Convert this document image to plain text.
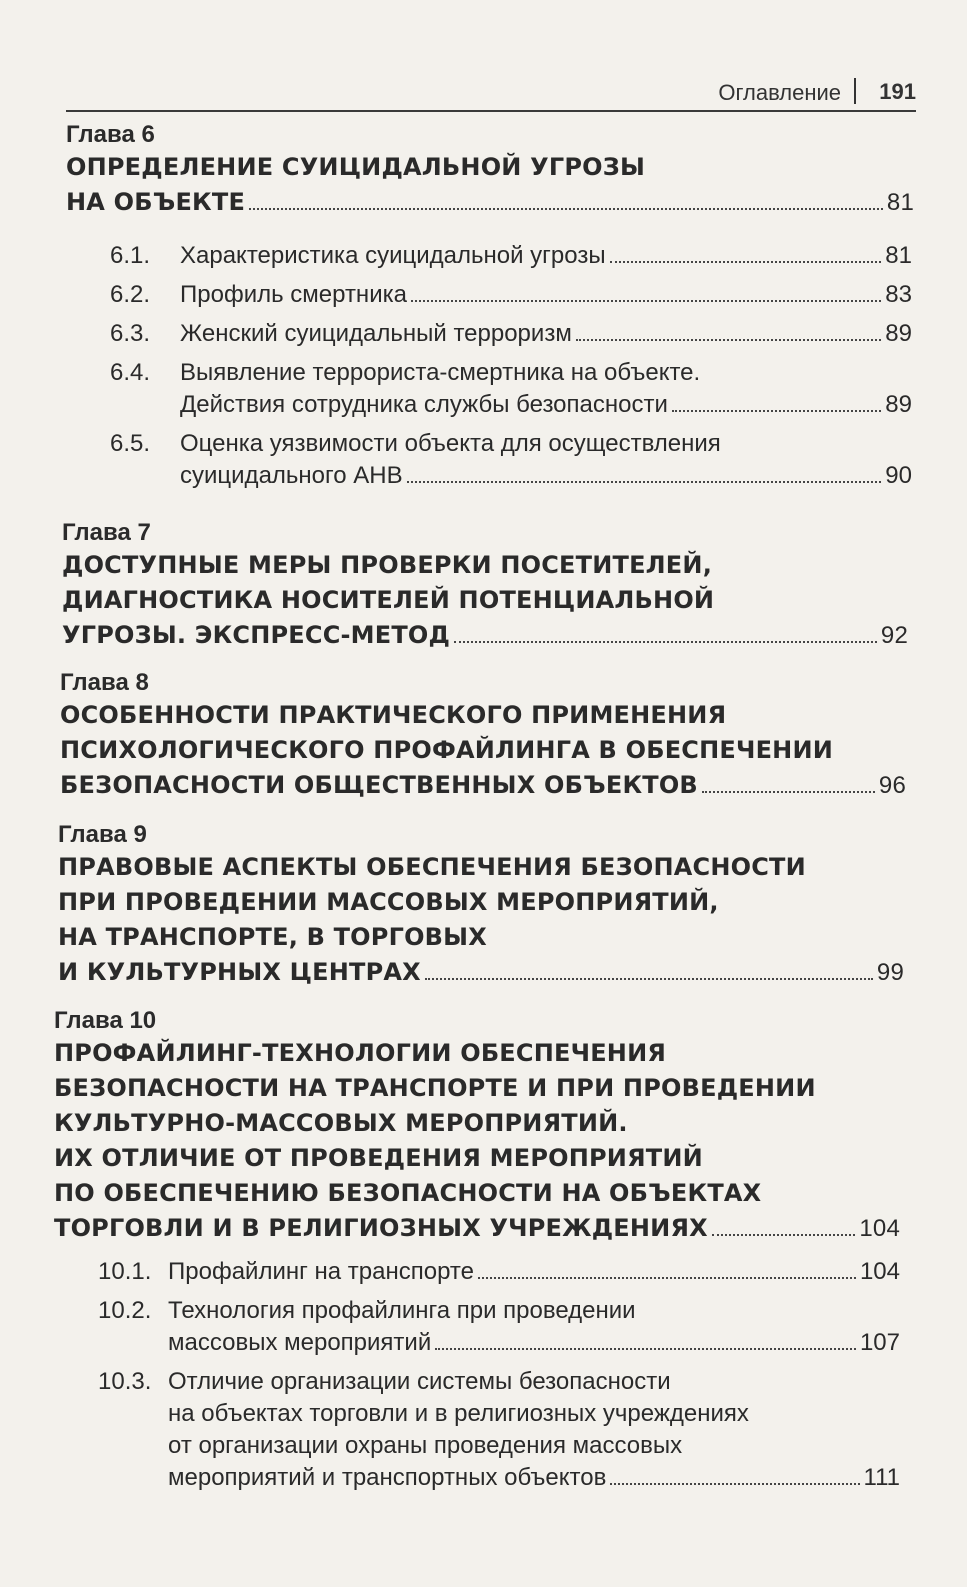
Оглавление 191
Глава 6
ОПРЕДЕЛЕНИЕ СУИЦИДАЛЬНОЙ УГРОЗЫ
НА ОБЪЕКТЕ	81
6.1.	Характеристика суицидальной угрозы	81
6.2.	Профиль смертника	83
6.3.	Женский суицидальный терроризм	89
6.4.	Выявление террориста-смертника на объекте.
Действия сотрудника службы безопасности	89
6.5.	Оценка уязвимости объекта для осуществления
суицидального АНВ	90
Глава 7
ДОСТУПНЫЕ МЕРЫ ПРОВЕРКИ ПОСЕТИТЕЛЕЙ,
ДИАГНОСТИКА НОСИТЕЛЕЙ ПОТЕНЦИАЛЬНОЙ
УГРОЗЫ. ЭКСПРЕСС-МЕТОД	92
Глава 8
ОСОБЕННОСТИ ПРАКТИЧЕСКОГО ПРИМЕНЕНИЯ
ПСИХОЛОГИЧЕСКОГО ПРОФАЙЛИНГА В ОБЕСПЕЧЕНИИ
БЕЗОПАСНОСТИ ОБЩЕСТВЕННЫХ ОБЪЕКТОВ	96
Глава 9
ПРАВОВЫЕ АСПЕКТЫ ОБЕСПЕЧЕНИЯ БЕЗОПАСНОСТИ
ПРИ ПРОВЕДЕНИИ МАССОВЫХ МЕРОПРИЯТИЙ,
НА ТРАНСПОРТЕ, В ТОРГОВЫХ
И КУЛЬТУРНЫХ ЦЕНТРАХ	99
Глава 10
ПРОФАЙЛИНГ-ТЕХНОЛОГИИ ОБЕСПЕЧЕНИЯ
БЕЗОПАСНОСТИ НА ТРАНСПОРТЕ И ПРИ ПРОВЕДЕНИИ
КУЛЬТУРНО-МАССОВЫХ МЕРОПРИЯТИЙ.
ИХ ОТЛИЧИЕ ОТ ПРОВЕДЕНИЯ МЕРОПРИЯТИЙ
ПО ОБЕСПЕЧЕНИЮ БЕЗОПАСНОСТИ НА ОБЪЕКТАХ
ТОРГОВЛИ И В РЕЛИГИОЗНЫХ УЧРЕЖДЕНИЯХ	104
10.1. Профайлинг на транспорте	104
10.2. Технология профайлинга при проведении
массовых мероприятий	107
10.3. Отличие организации системы безопасности
на объектах торговли и в религиозных учреждениях
от организации охраны проведения массовых
мероприятий и транспортных объектов	111
